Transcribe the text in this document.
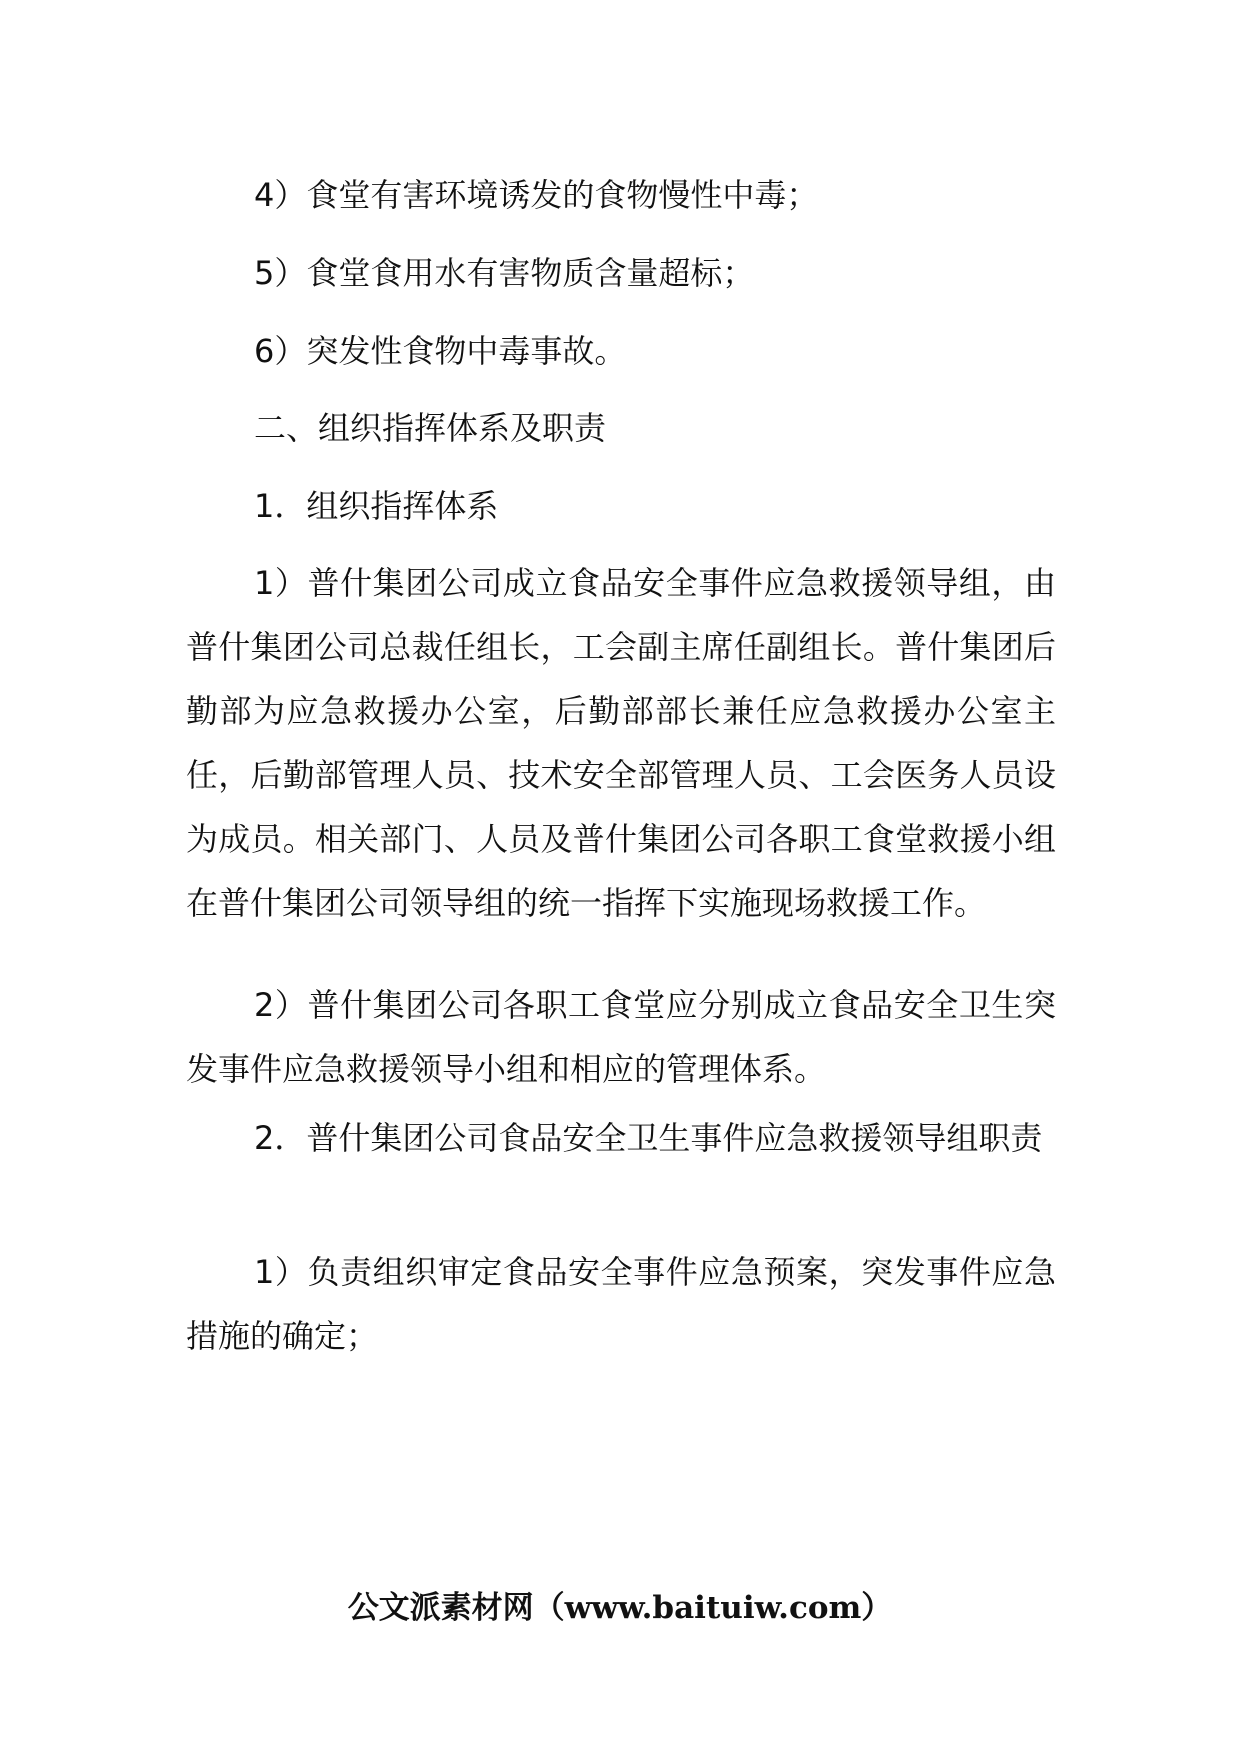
4）食堂有害环境诱发的食物慢性中毒；

5）食堂食用水有害物质含量超标；

6）突发性食物中毒事故。

二、组织指挥体系及职责

1．组织指挥体系

1）普什集团公司成立食品安全事件应急救援领导组，由普什集团公司总裁任组长，工会副主席任副组长。普什集团后勤部为应急救援办公室，后勤部部长兼任应急救援办公室主任，后勤部管理人员、技术安全部管理人员、工会医务人员设为成员。相关部门、人员及普什集团公司各职工食堂救援小组在普什集团公司领导组的统一指挥下实施现场救援工作。

2）普什集团公司各职工食堂应分别成立食品安全卫生突发事件应急救援领导小组和相应的管理体系。

2．普什集团公司食品安全卫生事件应急救援领导组职责

1）负责组织审定食品安全事件应急预案，突发事件应急措施的确定；

公文派素材网（www.baituiw.com）
